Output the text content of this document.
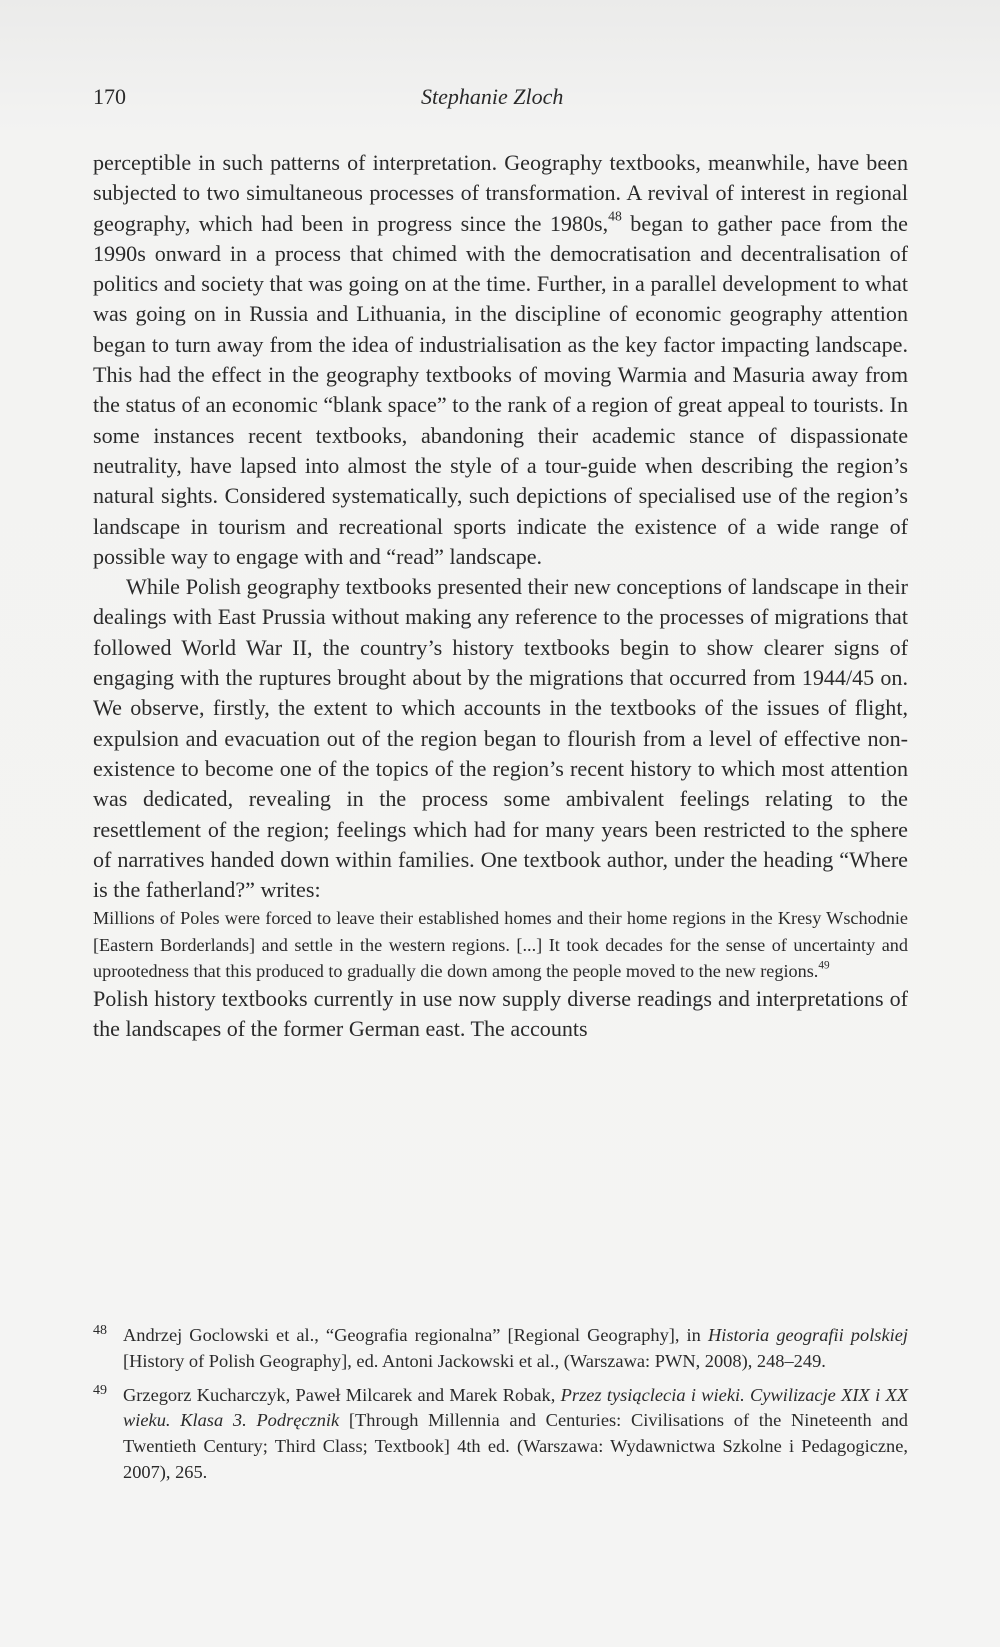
170	Stephanie Zloch

perceptible in such patterns of interpretation. Geography textbooks, meanwhile, have been subjected to two simultaneous processes of transformation. A revival of interest in regional geography, which had been in progress since the 1980s,$^{48}$ began to gather pace from the 1990s onward in a process that chimed with the democratisation and decentralisation of politics and society that was going on at the time. Further, in a parallel development to what was going on in Russia and Lithuania, in the discipline of economic geography attention began to turn away from the idea of industrialisation as the key factor impacting landscape. This had the effect in the geography textbooks of moving Warmia and Masuria away from the status of an economic “blank space” to the rank of a region of great appeal to tourists. In some instances recent textbooks, abandoning their academic stance of dispassionate neutrality, have lapsed into almost the style of a tour-guide when describing the region’s natural sights. Considered systematically, such depictions of specialised use of the region’s landscape in tourism and recreational sports indicate the existence of a wide range of possible way to engage with and “read” landscape.

While Polish geography textbooks presented their new conceptions of landscape in their dealings with East Prussia without making any reference to the processes of migrations that followed World War II, the country’s history textbooks begin to show clearer signs of engaging with the ruptures brought about by the migrations that occurred from 1944/45 on. We observe, firstly, the extent to which accounts in the textbooks of the issues of flight, expulsion and evacuation out of the region began to flourish from a level of effective non-existence to become one of the topics of the region’s recent history to which most attention was dedicated, revealing in the process some ambivalent feelings relating to the resettlement of the region; feelings which had for many years been restricted to the sphere of narratives handed down within families. One textbook author, under the heading “Where is the fatherland?” writes:

Millions of Poles were forced to leave their established homes and their home regions in the Kresy Wschodnie [Eastern Borderlands] and settle in the western regions. [...] It took decades for the sense of uncertainty and uprootedness that this produced to gradually die down among the people moved to the new regions.$^{49}$

Polish history textbooks currently in use now supply diverse readings and interpretations of the landscapes of the former German east. The accounts

48 Andrzej Goclowski et al., “Geografia regionalna” [Regional Geography], in Historia geografii polskiej [History of Polish Geography], ed. Antoni Jackowski et al., (Warszawa: PWN, 2008), 248–249.
49 Grzegorz Kucharczyk, Paweł Milcarek and Marek Robak, Przez tysiąclecia i wieki. Cywilizacje XIX i XX wieku. Klasa 3. Podręcznik [Through Millennia and Centuries: Civilisations of the Nineteenth and Twentieth Century; Third Class; Textbook] 4th ed. (Warszawa: Wydawnictwa Szkolne i Pedagogiczne, 2007), 265.
